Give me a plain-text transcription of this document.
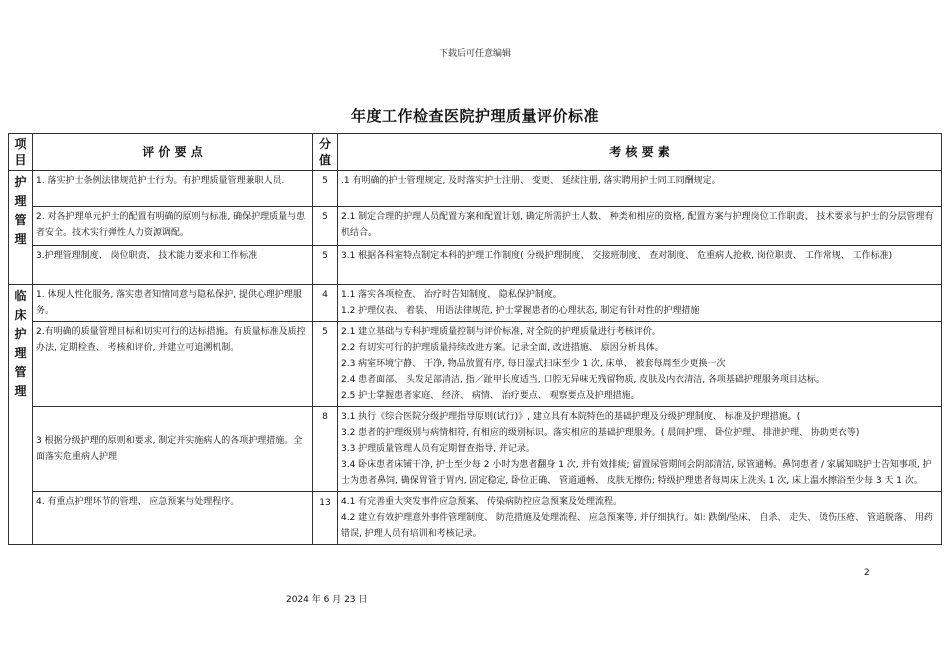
下载后可任意编辑
年度工作检查医院护理质量评价标准
项目	评 价 要 点	分值	考 核 要 素
护理管理	1. 落实护士条例法律规范护士行为。有护理质量管理兼职人员.	5	.1 有明确的护士管理规定, 及时落实护士注册、 变更、 延续注册, 落实聘用护士同工同酬规定。

	2. 对各护理单元护士的配置有明确的原则与标准, 确保护理质量与患者安全。技术实行弹性人力资源调配。	5	2.1 制定合理的护理人员配置方案和配置计划, 确定所需护士人数、 种类和相应的资格, 配置方案与护理岗位工作职责、 技术要求与护士的分层管理有机结合。

	3.护理管理制度、 岗位职责、 技术能力要求和工作标准	5	3.1 根据各科室特点制定本科的护理工作制度( 分级护理制度、 交接班制度、 查对制度、 危重病人抢救, 岗位职责、 工作常规、 工作标准)

临床护理管理	1. 体现人性化服务, 落实患者知情同意与隐私保护, 提供心理护理服务。	4	1.1 落实各项检查、 治疗时告知制度、 隐私保护制度。
1.2 护理仪表、 着装、 用语法律规范, 护士掌握患者的心理状态, 制定有针对性的护理措施

	2.有明确的质量管理目标和切实可行的达标措施。有质量标准及质控办法, 定期检查、 考核和评价, 并建立可追溯机制。	5	2.1 建立基础与专科护理质量控制与评价标准, 对全院的护理质量进行考核评价。
2.2 有切实可行的护理质量持续改进方案。记录全面, 改进措施、 原因分析具体。
2.3 病室环境宁静、 干净, 物品放置有序, 每日湿式扫床至少 1 次, 床单、 被套每周至少更换一次
2.4 患者面部、 头发足部清洁, 指／趾甲长度适当, 口腔无异味无残留物质, 皮肤及内衣清洁, 各项基础护理服务项目达标。
2.5 护士掌握患者家庭、 经济、 病情、 治疗要点、 观察要点及护理措施。

	3 根据分级护理的原则和要求, 制定并实施病人的各项护理措施。全面落实危重病人护理	8	3.1 执行《综合医院分级护理指导原则(试行)》, 建立具有本院特色的基础护理及分级护理制度、 标准及护理措施。(
3.2 患者的护理级别与病情相符, 有相应的级别标识。落实相应的基础护理服务。( 晨间护理、 卧位护理、 排泄护理、 协助更衣等)
3.3 护理质量管理人员有定期督查指导, 并记录。
3.4 卧床患者床铺干净, 护士至少每 2 小时为患者翻身 1 次, 并有效排痰; 留置尿管期间会阴部清洁, 尿管通畅。鼻饲患者 / 家属知晓护士告知事项, 护士为患者鼻饲, 确保胃管于胃内, 固定稳定, 卧位正确、 管道通畅、 皮肤无擦伤; 特级护理患者每周床上洗头 1 次, 床上温水擦浴至少每 3 天 1 次。

	4. 有重点护理环节的管理、 应急预案与处理程序。	13	4.1 有完善重大突发事件应急预案、 传染病防控应急预案及处理流程。
4.2 建立有效护理意外事件管理制度、 防范措施及处理流程、 应急预案等, 并仔细执行。如: 跌倒/坠床、 自杀、 走失、 烫伤压疮、 管道脱落、 用药错误, 护理人员有培训和考核记录。
2
2024 年 6 月 23 日
